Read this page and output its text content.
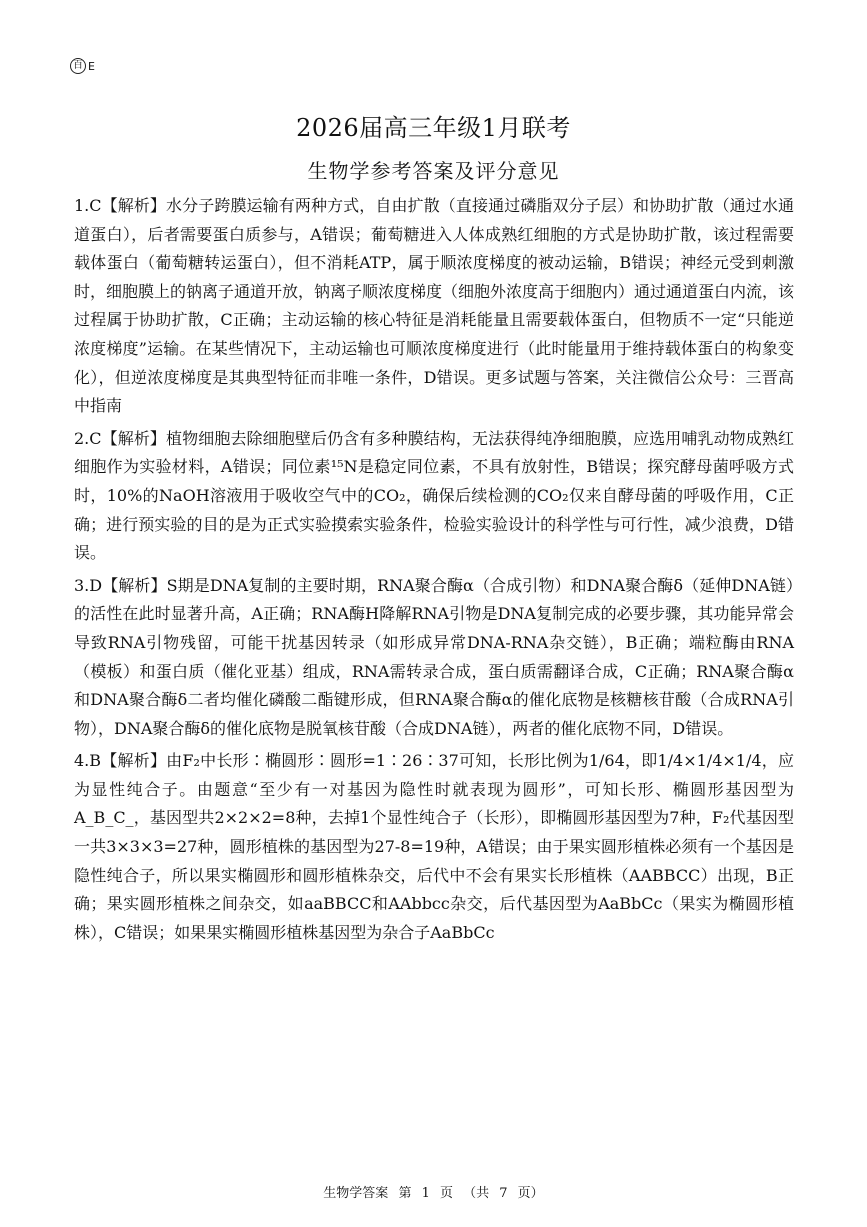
百 E
2026届高三年级1月联考
生物学参考答案及评分意见

1.C【解析】水分子跨膜运输有两种方式，自由扩散（直接通过磷脂双分子层）和协助扩散（通过水通道蛋白），后者需要蛋白质参与，A错误；葡萄糖进入人体成熟红细胞的方式是协助扩散，该过程需要载体蛋白（葡萄糖转运蛋白），但不消耗ATP，属于顺浓度梯度的被动运输，B错误；神经元受到刺激时，细胞膜上的钠离子通道开放，钠离子顺浓度梯度（细胞外浓度高于细胞内）通过通道蛋白内流，该过程属于协助扩散，C正确；主动运输的核心特征是消耗能量且需要载体蛋白，但物质不一定“只能逆浓度梯度”运输。在某些情况下，主动运输也可顺浓度梯度进行（此时能量用于维持载体蛋白的构象变化），但逆浓度梯度是其典型特征而非唯一条件，D错误。更多试题与答案，关注微信公众号：三晋高中指南

2.C【解析】植物细胞去除细胞壁后仍含有多种膜结构，无法获得纯净细胞膜，应选用哺乳动物成熟红细胞作为实验材料，A错误；同位素¹⁵N是稳定同位素，不具有放射性，B错误；探究酵母菌呼吸方式时，10%的NaOH溶液用于吸收空气中的CO₂，确保后续检测的CO₂仅来自酵母菌的呼吸作用，C正确；进行预实验的目的是为正式实验摸索实验条件，检验实验设计的科学性与可行性，减少浪费，D错误。

3.D【解析】S期是DNA复制的主要时期，RNA聚合酶α（合成引物）和DNA聚合酶δ（延伸DNA链）的活性在此时显著升高，A正确；RNA酶H降解RNA引物是DNA复制完成的必要步骤，其功能异常会导致RNA引物残留，可能干扰基因转录（如形成异常DNA-RNA杂交链），B正确；端粒酶由RNA（模板）和蛋白质（催化亚基）组成，RNA需转录合成，蛋白质需翻译合成，C正确；RNA聚合酶α和DNA聚合酶δ二者均催化磷酸二酯键形成，但RNA聚合酶α的催化底物是核糖核苷酸（合成RNA引物），DNA聚合酶δ的催化底物是脱氧核苷酸（合成DNA链），两者的催化底物不同，D错误。

4.B【解析】由F₂中长形∶椭圆形∶圆形=1∶26∶37可知，长形比例为1/64，即1/4×1/4×1/4，应为显性纯合子。由题意“至少有一对基因为隐性时就表现为圆形”，可知长形、椭圆形基因型为A_B_C_，基因型共2×2×2=8种，去掉1个显性纯合子（长形），即椭圆形基因型为7种，F₂代基因型一共3×3×3=27种，圆形植株的基因型为27-8=19种，A错误；由于果实圆形植株必须有一个基因是隐性纯合子，所以果实椭圆形和圆形植株杂交，后代中不会有果实长形植株（AABBCC）出现，B正确；果实圆形植株之间杂交，如aaBBCC和AAbbcc杂交，后代基因型为AaBbCc（果实为椭圆形植株），C错误；如果果实椭圆形植株基因型为杂合子AaBbCc

生物学答案 第 1 页 （共 7 页）
